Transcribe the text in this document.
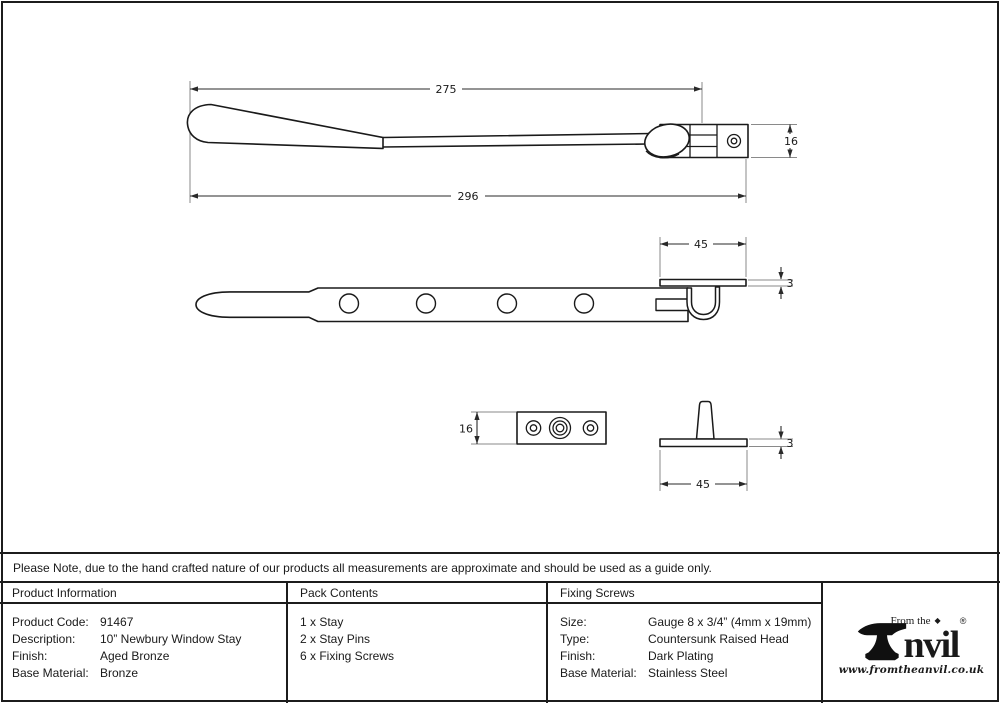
275
296
16
45
3
16
3
45
Please Note, due to the hand crafted nature of our products all measurements are approximate and should be used as a guide only.
Product Information
Product Code: 91467
Description:	10” Newbury Window Stay
Finish:	Aged Bronze
Base Material: Bronze
Pack Contents
1 x Stay
2 x Stay Pins
6 x Fixing Screws
Fixing Screws
Size:	Gauge 8 x 3/4” (4mm x 19mm)
Type:	Countersunk Raised Head
Finish:	Dark Plating
Base Material: Stainless Steel
nvil
®
From the ◆
www.fromtheanvil.co.uk
